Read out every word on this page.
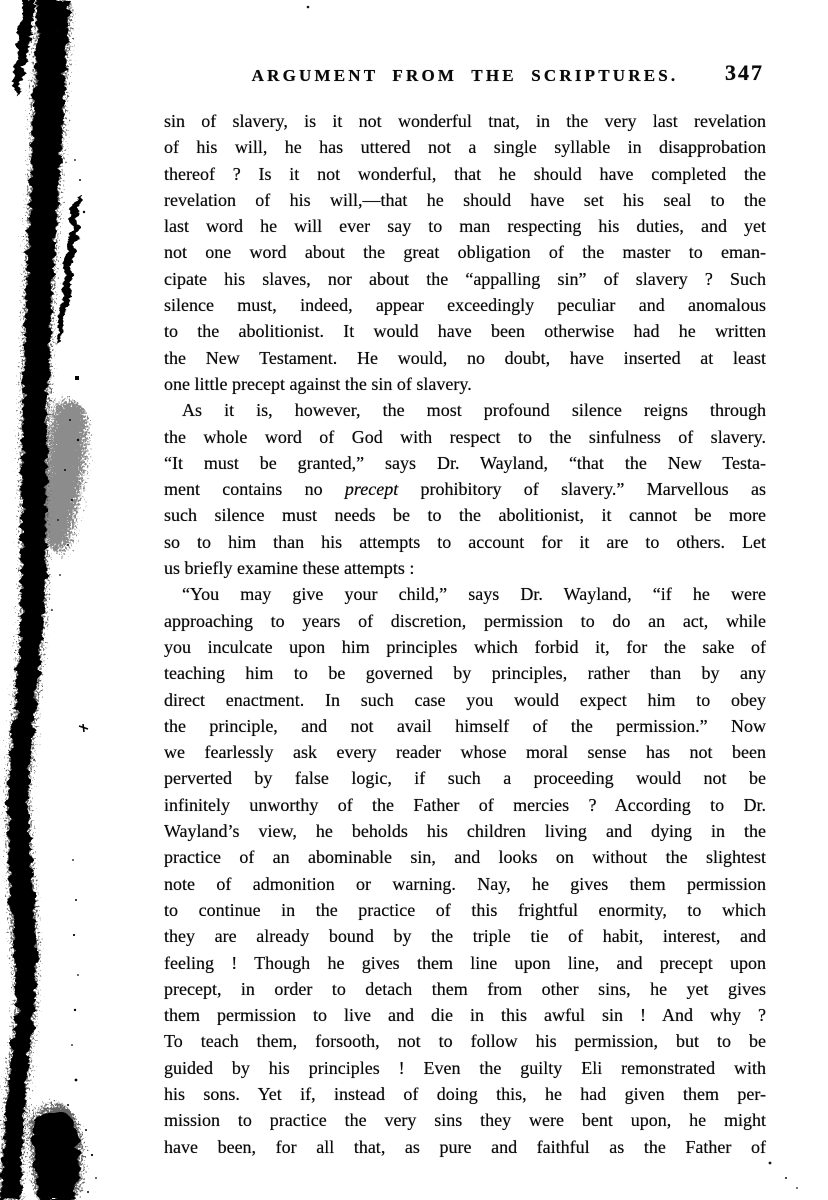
ARGUMENT FROM THE SCRIPTURES. 347
sin of slavery, is it not wonderful tnat, in the very last revelation
of his will, he has uttered not a single syllable in disapprobation
thereof ? Is it not wonderful, that he should have completed the
revelation of his will,—that he should have set his seal to the
last word he will ever say to man respecting his duties, and yet
not one word about the great obligation of the master to eman-
cipate his slaves, nor about the “appalling sin” of slavery ? Such
silence must, indeed, appear exceedingly peculiar and anomalous
to the abolitionist. It would have been otherwise had he written
the New Testament. He would, no doubt, have inserted at least
one little precept against the sin of slavery.
As it is, however, the most profound silence reigns through
the whole word of God with respect to the sinfulness of slavery.
“It must be granted,” says Dr. Wayland, “that the New Testa-
ment contains no precept prohibitory of slavery.” Marvellous as
such silence must needs be to the abolitionist, it cannot be more
so to him than his attempts to account for it are to others. Let
us briefly examine these attempts :
“You may give your child,” says Dr. Wayland, “if he were
approaching to years of discretion, permission to do an act, while
you inculcate upon him principles which forbid it, for the sake of
teaching him to be governed by principles, rather than by any
direct enactment. In such case you would expect him to obey
the principle, and not avail himself of the permission.” Now
we fearlessly ask every reader whose moral sense has not been
perverted by false logic, if such a proceeding would not be
infinitely unworthy of the Father of mercies ? According to Dr.
Wayland’s view, he beholds his children living and dying in the
practice of an abominable sin, and looks on without the slightest
note of admonition or warning. Nay, he gives them permission
to continue in the practice of this frightful enormity, to which
they are already bound by the triple tie of habit, interest, and
feeling ! Though he gives them line upon line, and precept upon
precept, in order to detach them from other sins, he yet gives
them permission to live and die in this awful sin ! And why ?
To teach them, forsooth, not to follow his permission, but to be
guided by his principles ! Even the guilty Eli remonstrated with
his sons. Yet if, instead of doing this, he had given them per-
mission to practice the very sins they were bent upon, he might
have been, for all that, as pure and faithful as the Father of
